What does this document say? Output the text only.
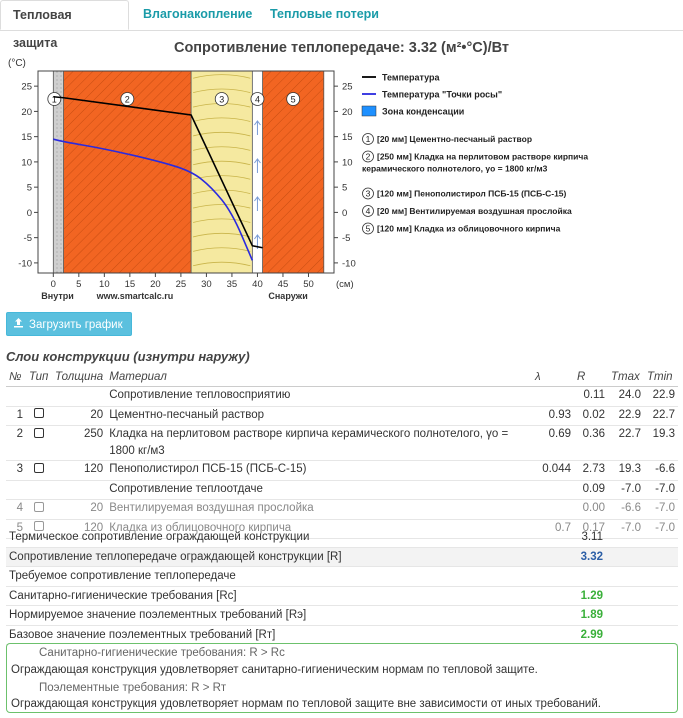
Тепловая защита
Влагонакопление	Тепловые потери
Сопротивление теплопередаче: 3.32 (м²•°С)/Вт
(°C)
1	2	3	4	5
25	25
20	20
15	15
10	10
5	5
0	0
-5	-5
-10	-10
0 5 10 15 20 25 30 35 40 45 50 (см)
Внутри	www.smartcalc.ru	Снаружи
Температура
Температура "Точки росы"
Зона конденсации
1 [20 мм] Цементно-песчаный раствор
2 [250 мм] Кладка на перлитовом растворе кирпича
керамического полнотелого, γо = 1800 кг/м3
3 [120 мм] Пенополистирол ПСБ-15 (ПСБ-С-15)
4 [20 мм] Вентилируемая воздушная прослойка
5 [120 мм] Кладка из облицовочного кирпича
Загрузить график
Слои конструкции (изнутри наружу)
№	Тип	Толщина	Материал	λ	R	Tmax	Tmin
			Сопротивление тепловосприятию		0.11	24.0	22.9
1		20	Цементно-песчаный раствор	0.93	0.02	22.9	22.7
2		250	Кладка на перлитовом растворе кирпича керамического полнотелого, γо = 1800 кг/м3	0.69	0.36	22.7	19.3
3		120	Пенополистирол ПСБ-15 (ПСБ-С-15)	0.044	2.73	19.3	-6.6
			Сопротивление теплоотдаче		0.09	-7.0	-7.0
4		20	Вентилируемая воздушная прослойка		0.00	-6.6	-7.0
5		120	Кладка из облицовочного кирпича	0.7	0.17	-7.0	-7.0
Термическое сопротивление ограждающей конструкции	3.11	
Сопротивление теплопередаче ограждающей конструкции [R]	3.32	
Требуемое сопротивление теплопередаче		
Санитарно-гигиенические требования [Rс]	1.29	
Нормируемое значение поэлементных требований [Rэ]	1.89	
Базовое значение поэлементных требований [Rт]	2.99	
Санитарно-гигиенические требования: R > Rс
Ограждающая конструкция удовлетворяет санитарно-гигиеническим нормам по тепловой защите.
Поэлементные требования: R > Rт
Ограждающая конструкция удовлетворяет нормам по тепловой защите вне зависимости от иных требований.
